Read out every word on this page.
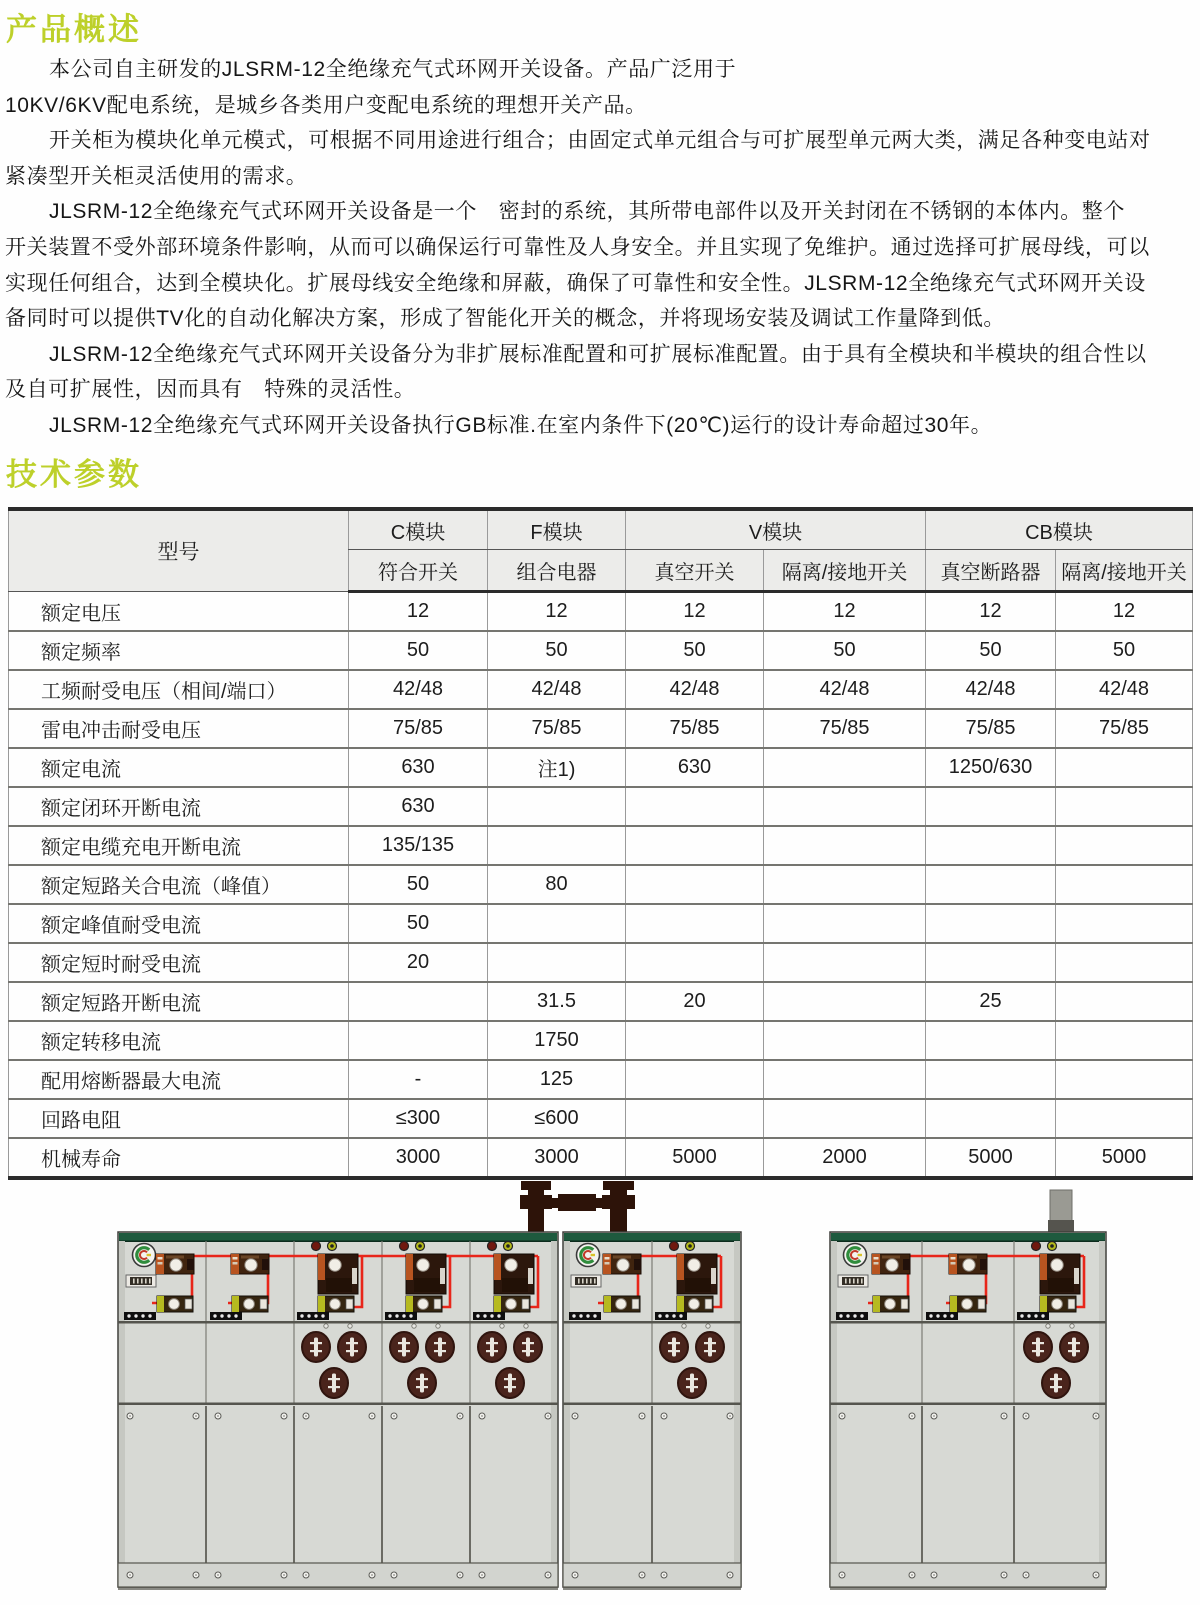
产品概述
本公司自主研发的JLSRM-12全绝缘充气式环网开关设备。产品广泛用于
10KV/6KV配电系统，是城乡各类用户变配电系统的理想开关产品。
开关柜为模块化单元模式，可根据不同用途进行组合；由固定式单元组合与可扩展型单元两大类，满足各种变电站对
紧凑型开关柜灵活使用的需求。
JLSRM-12全绝缘充气式环网开关设备是一个　密封的系统，其所带电部件以及开关封闭在不锈钢的本体内。整个
开关装置不受外部环境条件影响，从而可以确保运行可靠性及人身安全。并且实现了免维护。通过选择可扩展母线，可以
实现任何组合，达到全模块化。扩展母线安全绝缘和屏蔽，确保了可靠性和安全性。JLSRM-12全绝缘充气式环网开关设
备同时可以提供TV化的自动化解决方案，形成了智能化开关的概念，并将现场安装及调试工作量降到低。
JLSRM-12全绝缘充气式环网开关设备分为非扩展标准配置和可扩展标准配置。由于具有全模块和半模块的组合性以
及自可扩展性，因而具有　特殊的灵活性。
JLSRM-12全绝缘充气式环网开关设备执行GB标准.在室内条件下(20℃)运行的设计寿命超过30年。
技术参数
型号	C模块	F模块	V模块		CB模块	
	符合开关	组合电器	真空开关	隔离/接地开关	真空断路器	隔离/接地开关
额定电压	12	12	12	12	12	12
额定频率	50	50	50	50	50	50
工频耐受电压（相间/端口）	42/48	42/48	42/48	42/48	42/48	42/48
雷电冲击耐受电压	75/85	75/85	75/85	75/85	75/85	75/85
额定电流	630	注1)	630		1250/630	
额定闭环开断电流	630					
额定电缆充电开断电流	135/135					
额定短路关合电流（峰值）	50	80				
额定峰值耐受电流	50					
额定短时耐受电流	20					
额定短路开断电流		31.5	20		25	
额定转移电流		1750				
配用熔断器最大电流	-	125				
回路电阻	≤300	≤600				
机械寿命	3000	3000	5000	2000	5000	5000
